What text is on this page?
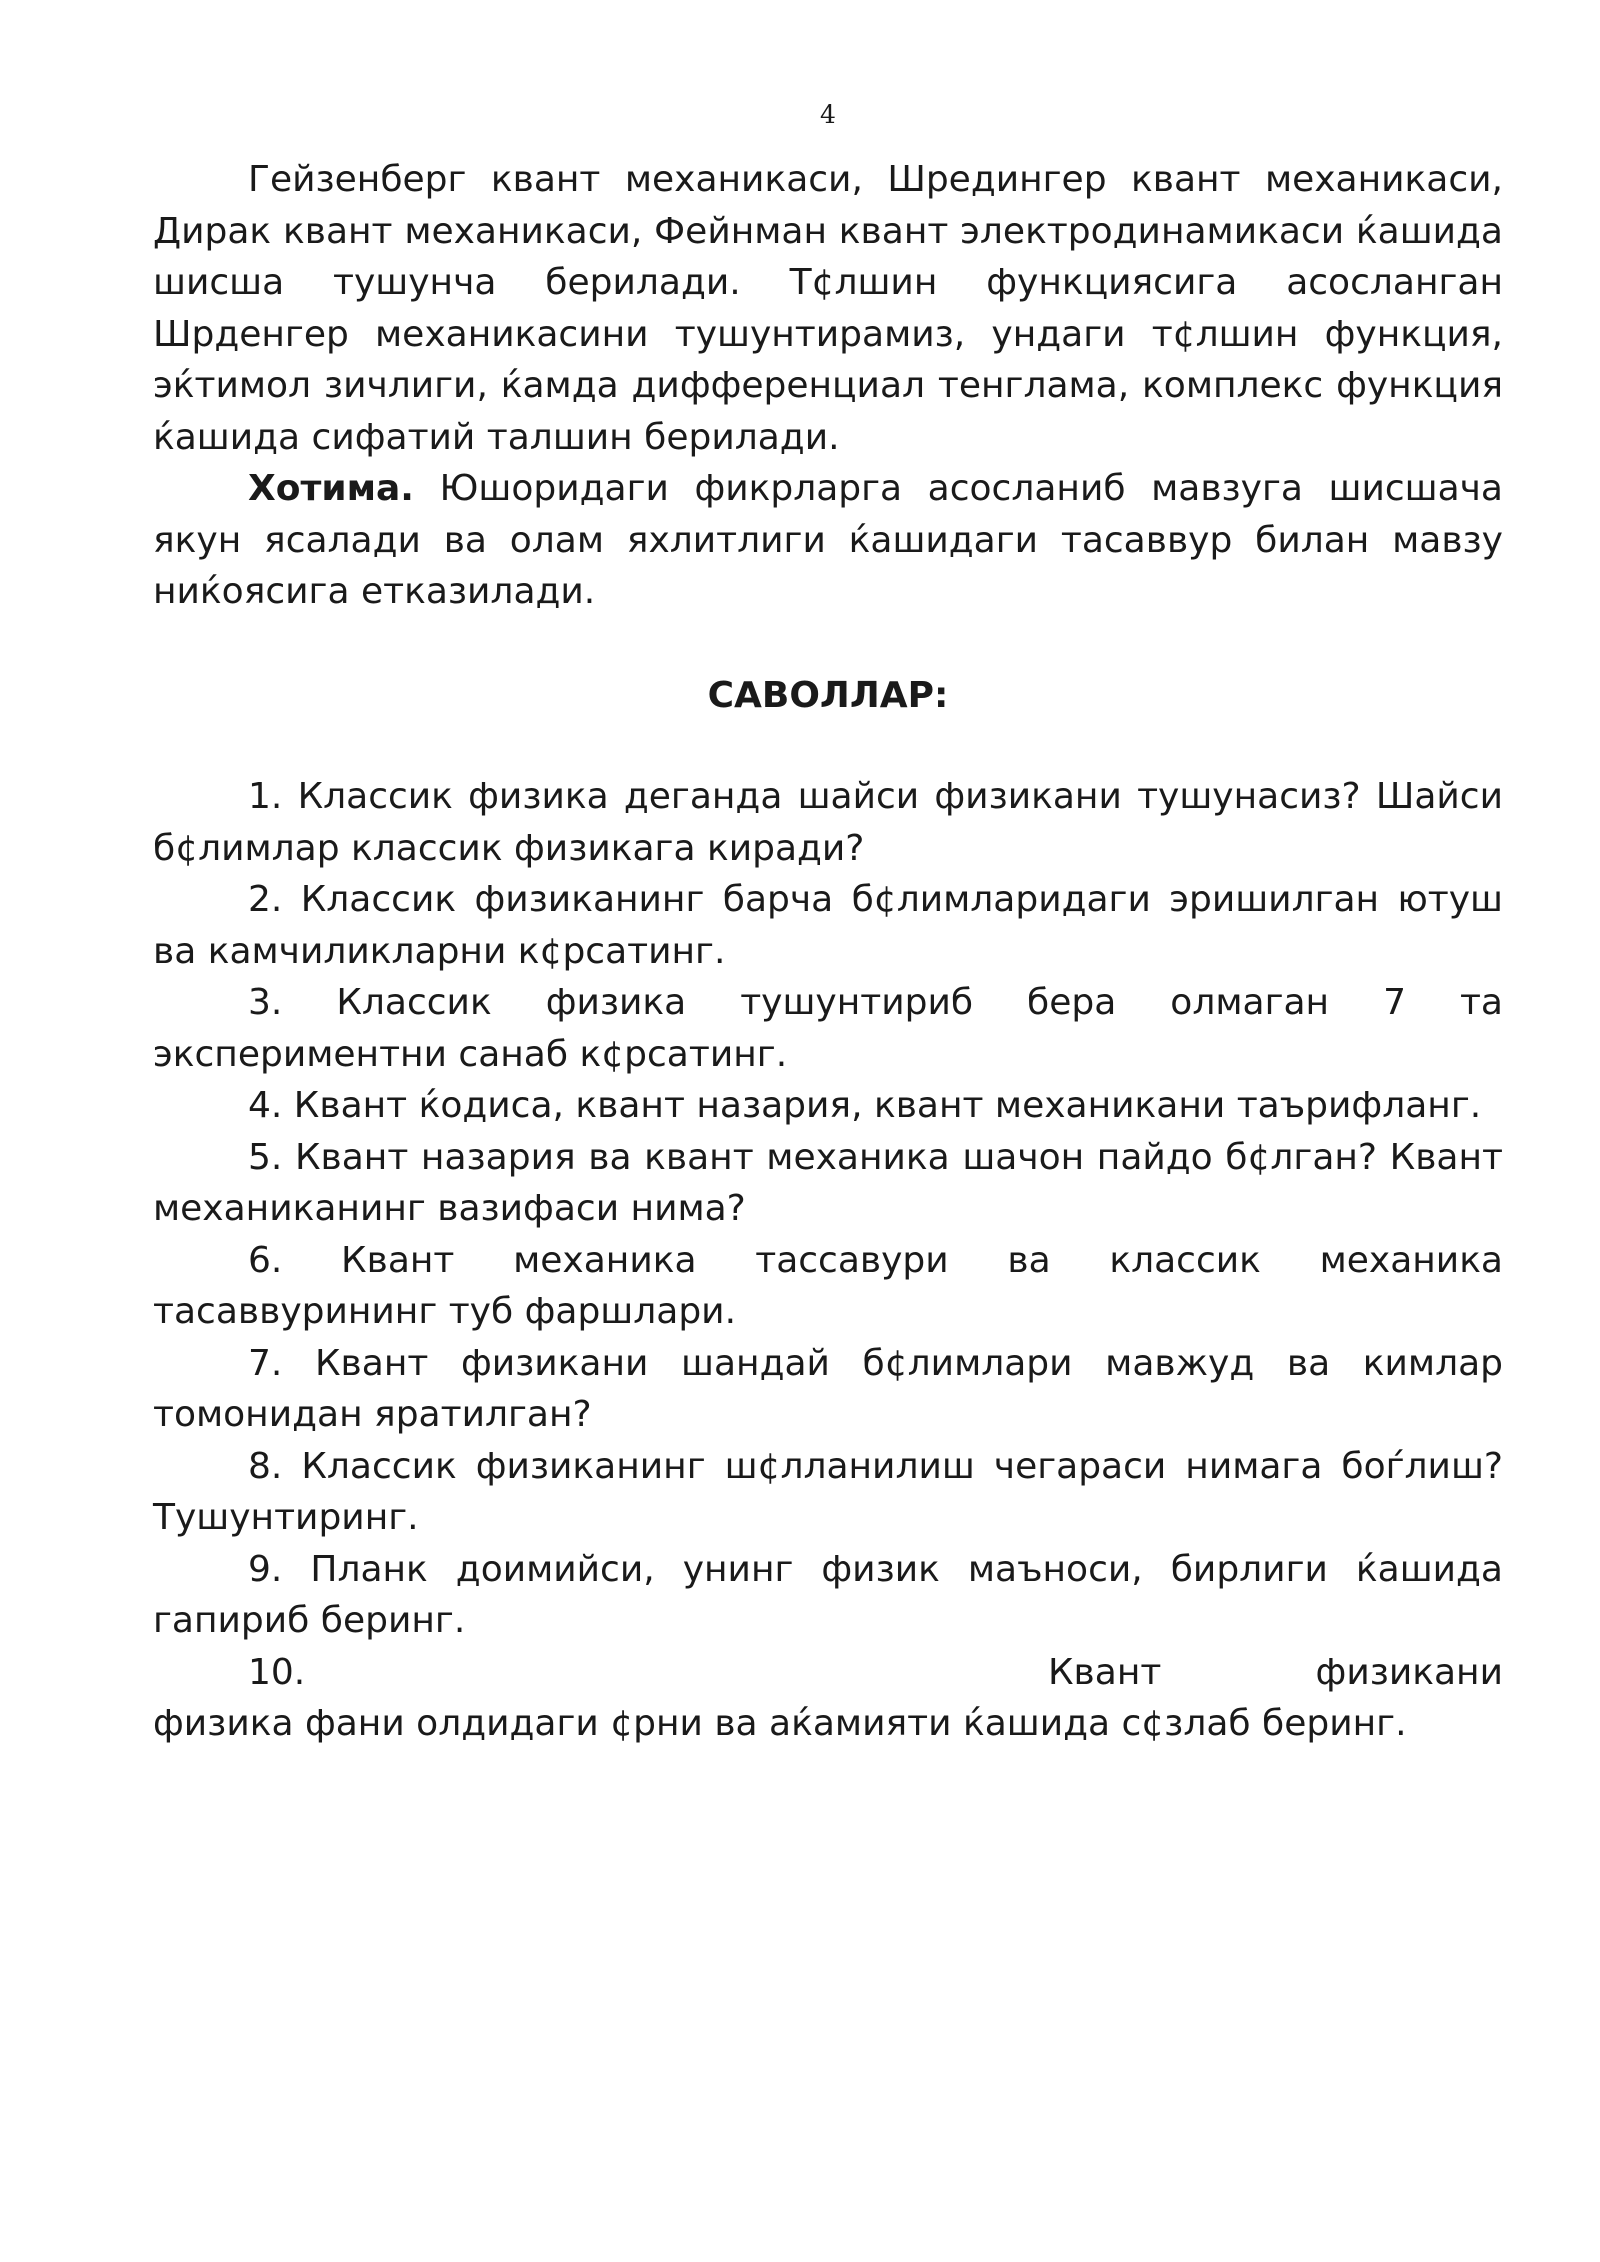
4

Гейзенберг квант механикаси, Шредингер квант механикаси, Дирак квант механикаси, Фейнман квант электродинамикаси ќaшида шисша тушунча берилади. Т¢лшин функциясига асосланган Шрденгер механикасини тушунтирамиз, ундаги т¢лшин функция, эќтимол зичлиги, ќамда дифференциал тенглама, комплекс функция ќaшида сифатий талшин берилади.

Хотима. Юшоридаги фикрларга асосланиб мавзуга шисшача якун ясалади ва олам яхлитлиги ќaшидаги тасаввур билан мавзу ниќоясига етказилади.

САВОЛЛАР:

1. Классик физика деганда шайси физикани тушунасиз? Шайси б¢лимлар классик физикага киради?

2. Классик физиканинг барча б¢лимларидаги эришилган ютуш ва камчиликларни к¢рсатинг.

3. Классик физика тушунтириб бера олмаган 7 та экспериментни санаб к¢рсатинг.

4. Квант ќодиса, квант назария, квант механикани таърифланг.

5. Квант назария ва квант механика шачон пайдо б¢лган? Квант механиканинг вазифаси нима?

6. Квант механика тассавури ва классик механика тасаввурининг туб фаршлари.

7. Квант физикани шандай б¢лимлари мавжуд ва кимлар томонидан яратилган?

8. Классик физиканинг ш¢лланилиш чегараси нимага боѓлиш? Тушунтиринг.

9. Планк доимийси, унинг физик маъноси, бирлиги ќaшида гапириб беринг.

10.	Квант физикани физика фани олдидаги ¢рни ва аќамияти ќaшида с¢злаб беринг.
